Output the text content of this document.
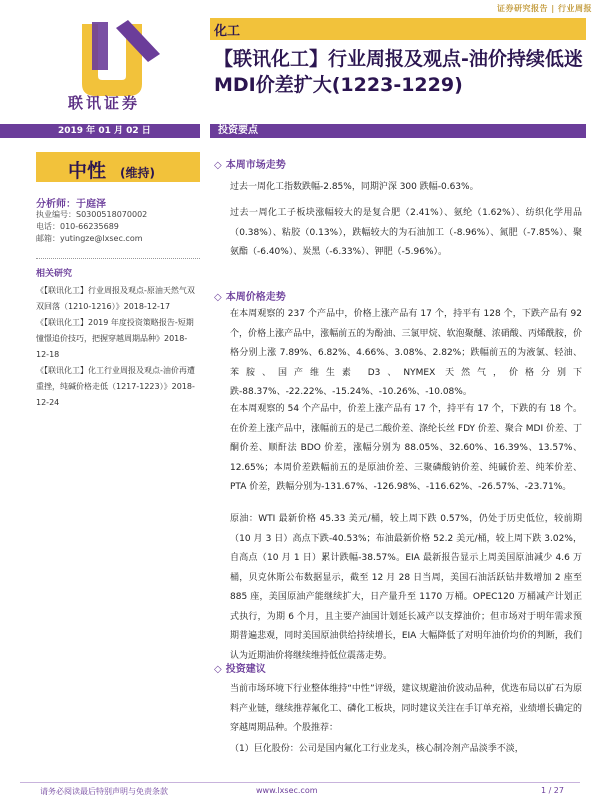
证券研究报告 | 行业周报
联讯证券
化工
【联讯化工】行业周报及观点-油价持续低迷 MDI价差扩大(1223-1229)
2019 年 01 月 02 日	投资要点
中性 (维持)
分析师：于庭泽
执业编号：S0300518070002
电话：010-66235689
邮箱：yutingze@lxsec.com
相关研究
《【联讯化工】行业周报及观点-原油天然气双双回落（1210-1216）》2018-12-17
《【联讯化工】2019 年度投资策略报告-短期憧憬追价技巧，把握穿越周期品种》2018-12-18
《【联讯化工】化工行业周报及观点-油价再遭重挫，纯碱价格走低（1217-1223）》2018-12-24
◇ 本周市场走势
过去一周化工指数跌幅-2.85%，同期沪深 300 跌幅-0.63%。
过去一周化工子板块涨幅较大的是复合肥（2.41%）、氨纶（1.62%）、纺织化学用品（0.38%）、粘胶（0.13%），跌幅较大的为石油加工（-8.96%）、氮肥（-7.85%）、聚氨酯（-6.40%）、炭黑（-6.33%）、钾肥（-5.96%）。
◇ 本周价格走势
在本周观察的 237 个产品中，价格上涨产品有 17 个，持平有 128 个，下跌产品有 92 个，价格上涨产品中，涨幅前五的为酚油、三氯甲烷、软泡聚醚、浓硝酸、丙烯酰胺，价格分别上涨 7.89%、6.82%、4.66%、3.08%、2.82%；跌幅前五的为液氯、轻油、苯胺、国产维生素 D3、NYMEX 天然气，价格分别下跌-88.37%、-22.22%、-15.24%、-10.26%、-10.08%。
在本周观察的 54 个产品中，价差上涨产品有 17 个，持平有 17 个，下跌的有 18 个。在价差上涨产品中，涨幅前五的是己二酸价差、涤纶长丝 FDY 价差、聚合 MDI 价差、丁酮价差、顺酐法 BDO 价差，涨幅分别为 88.05%、32.60%、16.39%、13.57%、12.65%；本周价差跌幅前五的是原油价差、三聚磷酸钠价差、纯碱价差、纯苯价差、PTA 价差，跌幅分别为-131.67%、-126.98%、-116.62%、-26.57%、-23.71%。
原油：WTI 最新价格 45.33 美元/桶，较上周下跌 0.57%，仍处于历史低位，较前期（10 月 3 日）高点下跌-40.53%；布油最新价格 52.2 美元/桶，较上周下跌 3.02%，自高点（10 月 1 日）累计跌幅-38.57%。EIA 最新报告显示上周美国原油减少 4.6 万桶，贝克休斯公布数据显示，截至 12 月 28 日当周，美国石油活跃钻井数增加 2 座至 885 座，美国原油产能继续扩大，日产量升至 1170 万桶。OPEC120 万桶减产计划正式执行，为期 6 个月，且主要产油国计划延长减产以支撑油价；但市场对于明年需求预期普遍悲观，同时美国原油供给持续增长，EIA 大幅降低了对明年油价均价的判断，我们认为近期油价将继续维持低位震荡走势。
◇ 投资建议
当前市场环境下行业整体维持“中性”评级，建议规避油价波动品种，优选布局以矿石为原料产业链，继续推荐氟化工、磷化工板块，同时建议关注在手订单充裕，业绩增长确定的穿越周期品种。个股推荐：
（1）巨化股份：公司是国内氟化工行业龙头，核心制冷剂产品淡季不淡，
请务必阅读最后特别声明与免责条款	www.lxsec.com	1 / 27
